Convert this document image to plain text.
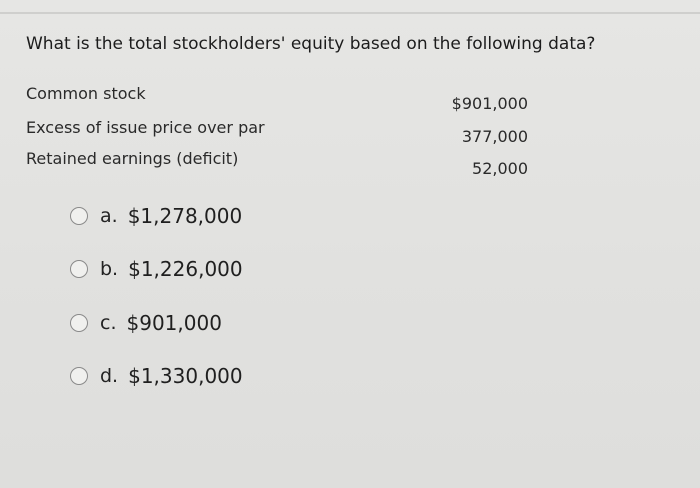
What is the total stockholders' equity based on the following data?
Common stock
$901,000
Excess of issue price over par	377,000
Retained earnings (deficit)
52,000
a. $1,278,000
b. $1,226,000
c. $901,000
d. $1,330,000
